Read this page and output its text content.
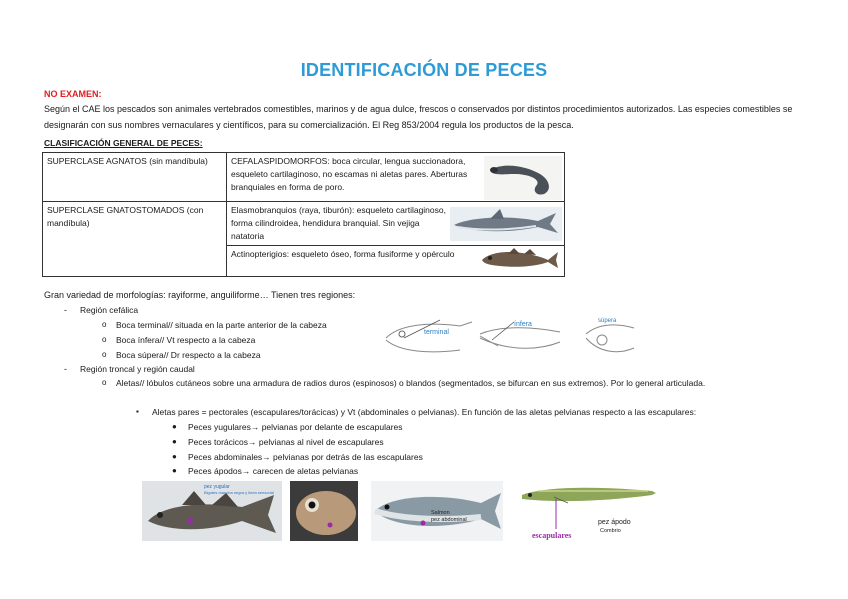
IDENTIFICACIÓN DE PECES
NO EXAMEN:
Según el CAE los pescados son animales vertebrados comestibles, marinos y de agua dulce, frescos o conservados por distintos procedimientos autorizados. Las especies comestibles se designarán con sus nombres vernaculares y científicos, para su comercialización. El Reg 853/2004 regula los productos de la pesca.
CLASIFICACIÓN GENERAL DE PECES:
SUPERCLASE AGNATOS (sin mandíbula)	CEFALASPIDOMORFOS: boca circular, lengua succionadora, esqueleto cartilaginoso, no escamas ni aletas pares. Aberturas branquiales en forma de poro.

SUPERCLASE GNATOSTOMADOS (con mandíbula)	Elasmobranquios (raya, tiburón): esqueleto cartilaginoso, forma cilindroidea, hendidura branquial. Sin vejiga natatoria

	Actinopterigios: esqueleto óseo, forma fusiforme y opérculo
Gran variedad de morfologías: rayiforme, anguiliforme… Tienen tres regiones:
- Región cefálica
o Boca terminal// situada en la parte anterior de la cabeza
o Boca ínfera// Vt respecto a la cabeza
o Boca súpera// Dr respecto a la cabeza
terminal
ínfera	súpera
- Región troncal y región caudal
o Aletas// lóbulos cutáneos sobre una armadura de radios duros (espinosos) o blandos (segmentados, se bifurcan en sus extremos). Por lo general articulada.
▪ Aletas pares = pectorales (escapulares/torácicas) y Vt (abdominales o pelvianas). En función de las aletas pelvianas respecto a las escapulares:
● Peces yugulares→ pelvianas por delante de escapulares
● Peces torácicos→ pelvianas al nivel de escapulares
● Peces abdominales→ pelvianas por detrás de las escapulares
● Peces ápodos→ carecen de aletas pelvianas
pez yugular
Bigotes mancha negra y linea sensorial
Salmon
pez abdominal
escapulares
pez ápodo
Combrio
